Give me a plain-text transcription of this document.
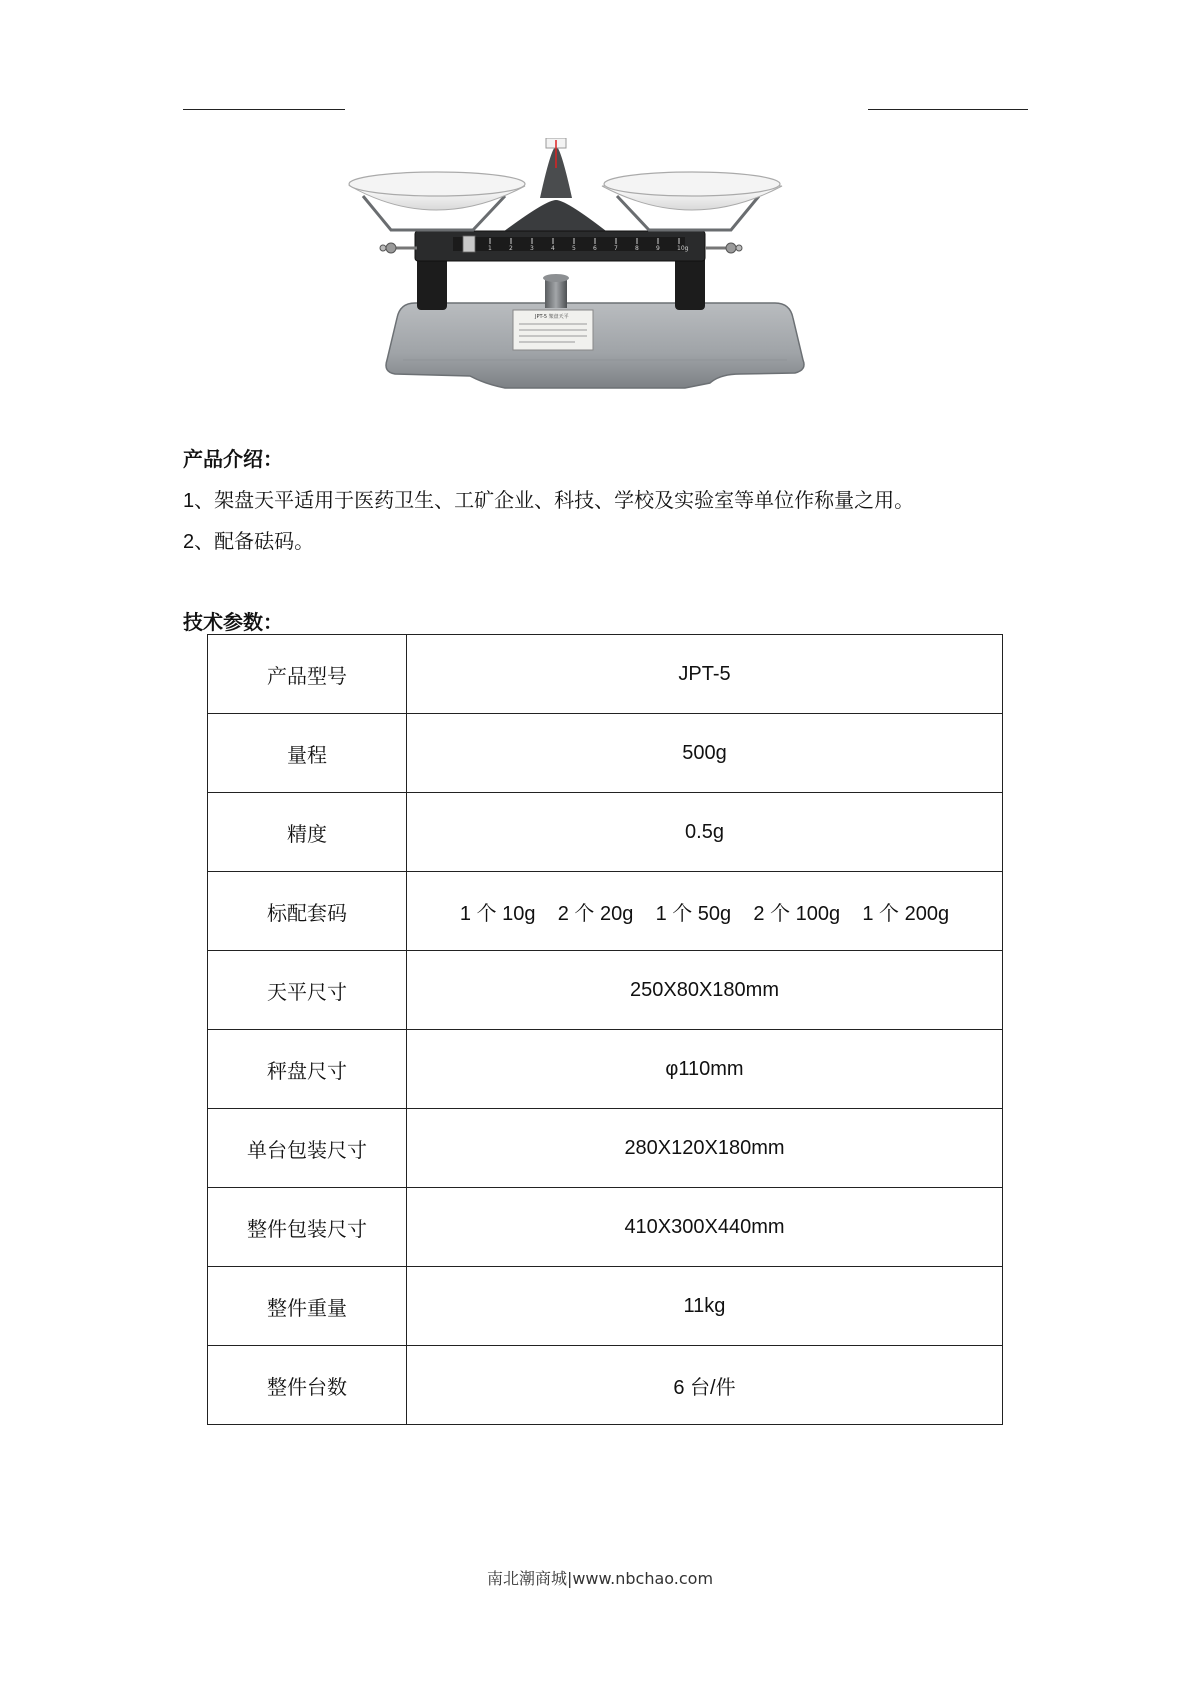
JPT-5 架盘天平
1	2	3	4	5	6	7	8	9	10g
产品介绍：

1、架盘天平适用于医药卫生、工矿企业、科技、学校及实验室等单位作称量之用。

2、配备砝码。

技术参数：
产品型号	JPT-5
量程	500g
精度	0.5g
标配套码	1 个 10g    2 个 20g    1 个 50g    2 个 100g    1 个 200g
天平尺寸	250X80X180mm
秤盘尺寸	φ110mm
单台包装尺寸	280X120X180mm
整件包装尺寸	410X300X440mm
整件重量	11kg
整件台数	6 台/件
南北潮商城|www.nbchao.com
